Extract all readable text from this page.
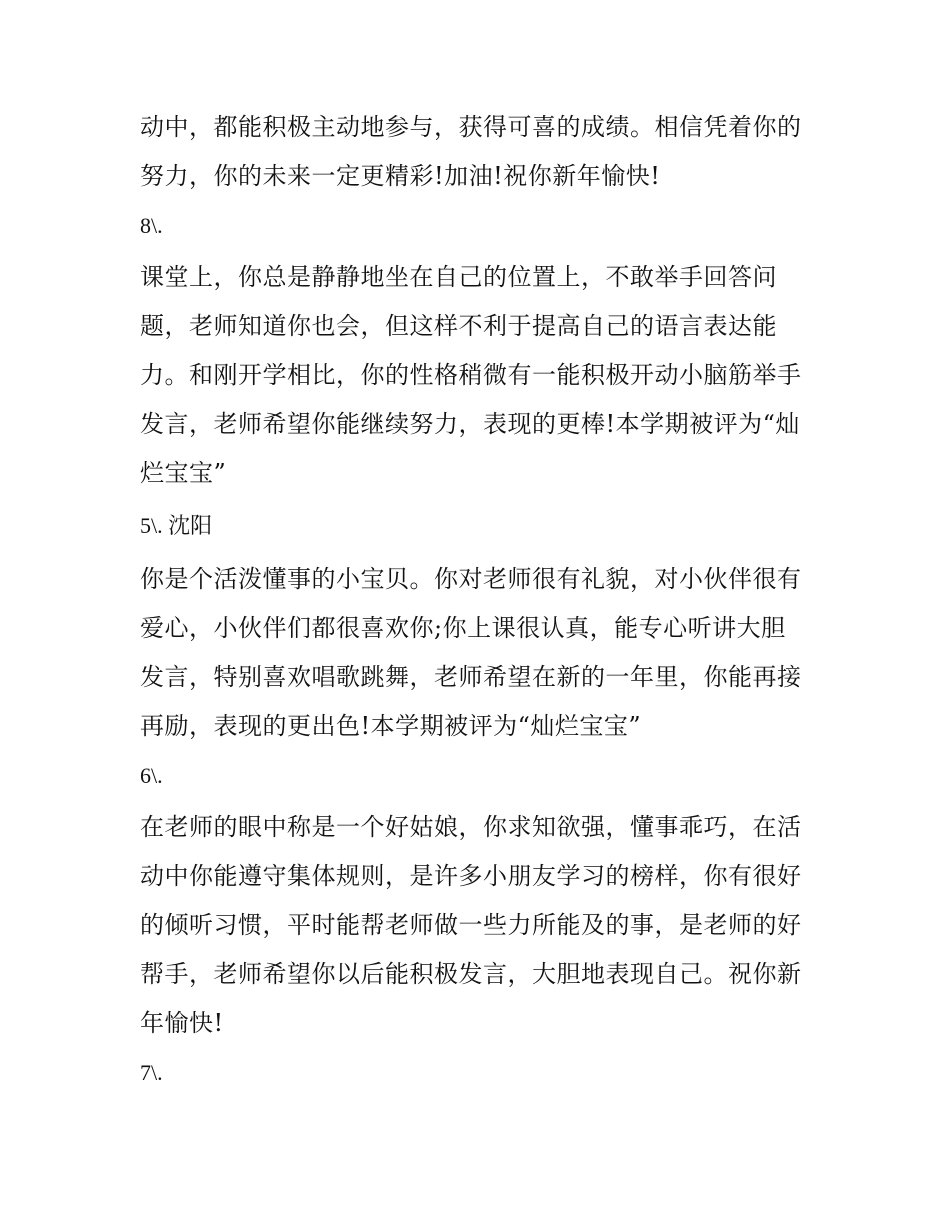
动中，都能积极主动地参与，获得可喜的成绩。相信凭着你的
努力，你的未来一定更精彩!加油!祝你新年愉快!

8\.

课堂上，你总是静静地坐在自己的位置上，不敢举手回答问
题，老师知道你也会，但这样不利于提高自己的语言表达能
力。和刚开学相比，你的性格稍微有一能积极开动小脑筋举手
发言，老师希望你能继续努力，表现的更棒!本学期被评为“灿
烂宝宝”

5\. 沈阳

你是个活泼懂事的小宝贝。你对老师很有礼貌，对小伙伴很有
爱心，小伙伴们都很喜欢你;你上课很认真，能专心听讲大胆
发言，特别喜欢唱歌跳舞，老师希望在新的一年里，你能再接
再励，表现的更出色!本学期被评为“灿烂宝宝”

6\.

在老师的眼中称是一个好姑娘，你求知欲强，懂事乖巧，在活
动中你能遵守集体规则，是许多小朋友学习的榜样，你有很好
的倾听习惯，平时能帮老师做一些力所能及的事，是老师的好
帮手，老师希望你以后能积极发言，大胆地表现自己。祝你新
年愉快!

7\.
